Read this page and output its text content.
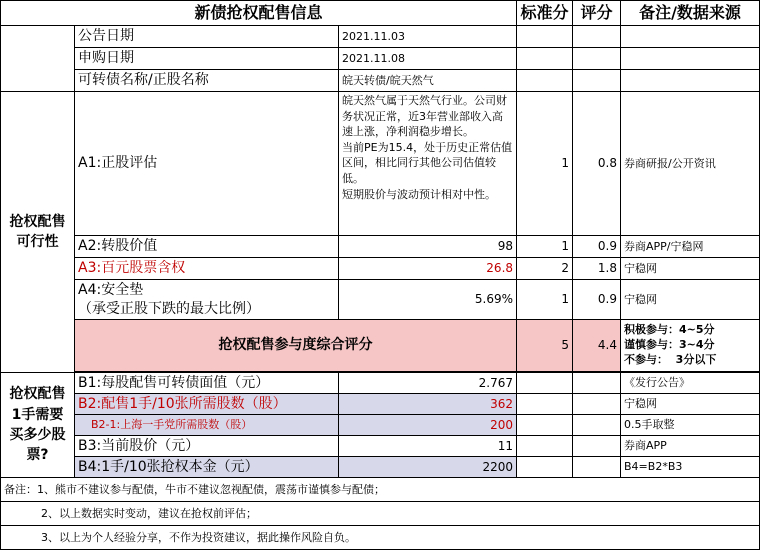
新债抢权配售信息			标准分	评分	备注/数据来源
	公告日期	2021.11.03			
	申购日期	2021.11.08			
	可转债名称/正股名称	皖天转债/皖天然气			
抢权配售可行性	A1:正股评估	皖天然气属于天然气行业。公司财务状况正常，近3年营业部收入高速上涨，净利润稳步增长。
当前PE为15.4，处于历史正常估值区间，相比同行其他公司估值较低。
短期股价与波动预计相对中性。	1	0.8	券商研报/公开资讯
	A2:转股价值	98	1	0.9	券商APP/宁稳网
	A3:百元股票含权	26.8	2	1.8	宁稳网

	A4:安全垫
（承受正股下跌的最大比例）	5.69%	1	0.9	宁稳网
	抢权配售参与度综合评分		5	4.4	积极参与：4~5分
谨慎参与：3~4分
不参与：  3分以下

抢权配售1手需要买多少股票?	B1:每股配售可转债面值（元）	2.767			《发行公告》
	B2:配售1手/10张所需股数（股）	362			宁稳网
	B2-1:上海一手党所需股数（股）	200			0.5手取整
	B3:当前股价（元）	11			券商APP
	B4:1手/10张抢权本金（元）	2200			B4=B2*B3
备注：1、熊市不建议参与配债，牛市不建议忽视配债，震荡市谨慎参与配债；					
2、以上数据实时变动，建议在抢权前评估；					
3、以上为个人经验分享，不作为投资建议，据此操作风险自负。					
